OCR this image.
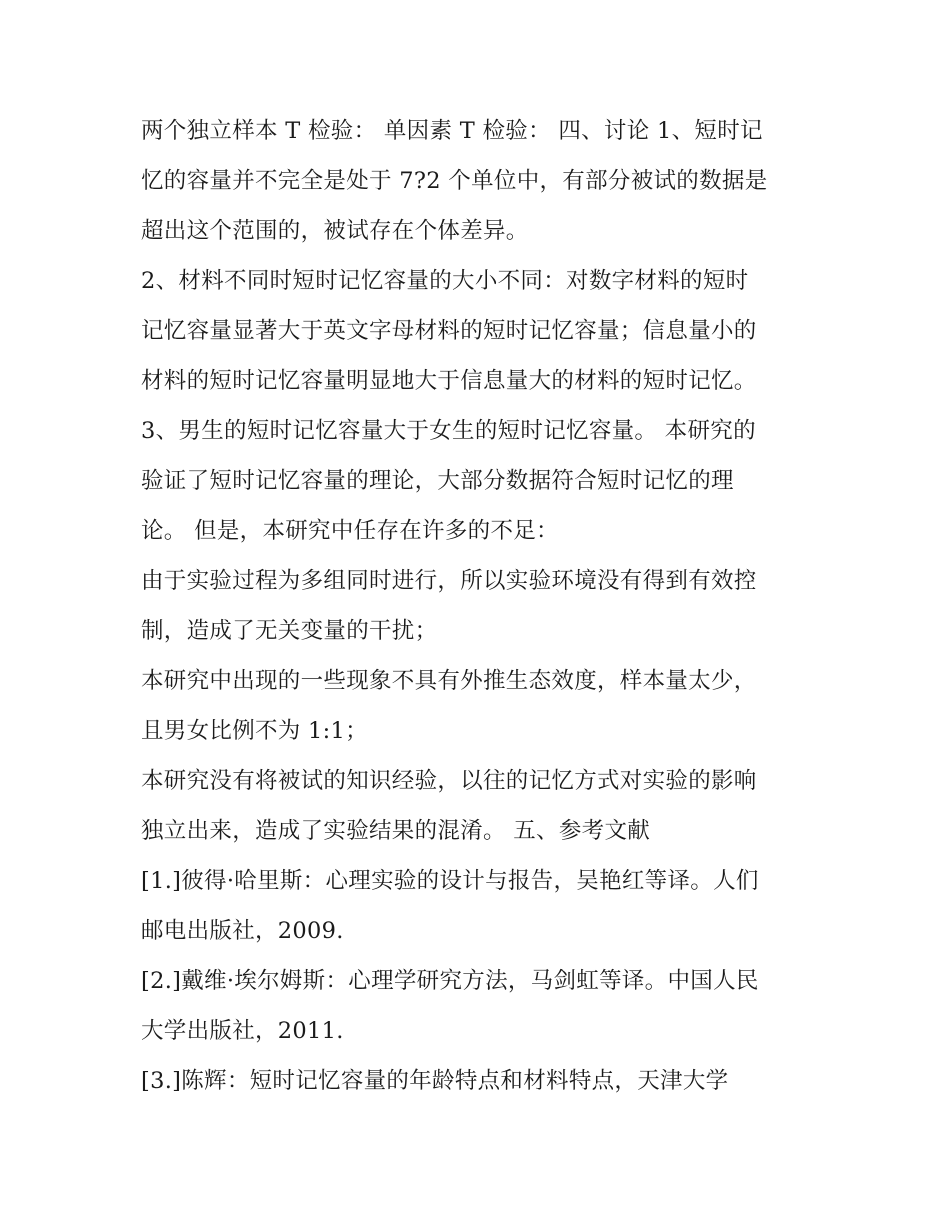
两个独立样本 T 检验： 单因素 T 检验： 四、讨论 1、短时记
忆的容量并不完全是处于 7?2 个单位中，有部分被试的数据是
超出这个范围的，被试存在个体差异。
2、材料不同时短时记忆容量的大小不同：对数字材料的短时
记忆容量显著大于英文字母材料的短时记忆容量；信息量小的
材料的短时记忆容量明显地大于信息量大的材料的短时记忆。
3、男生的短时记忆容量大于女生的短时记忆容量。 本研究的
验证了短时记忆容量的理论，大部分数据符合短时记忆的理
论。 但是，本研究中任存在许多的不足：
由于实验过程为多组同时进行，所以实验环境没有得到有效控
制，造成了无关变量的干扰；
本研究中出现的一些现象不具有外推生态效度，样本量太少，
且男女比例不为 1:1；
本研究没有将被试的知识经验，以往的记忆方式对实验的影响
独立出来，造成了实验结果的混淆。 五、参考文献
[1.]彼得·哈里斯：心理实验的设计与报告，吴艳红等译。人们
邮电出版社，2009.
[2.]戴维·埃尔姆斯：心理学研究方法，马剑虹等译。中国人民
大学出版社，2011.
[3.]陈辉：短时记忆容量的年龄特点和材料特点，天津大学
